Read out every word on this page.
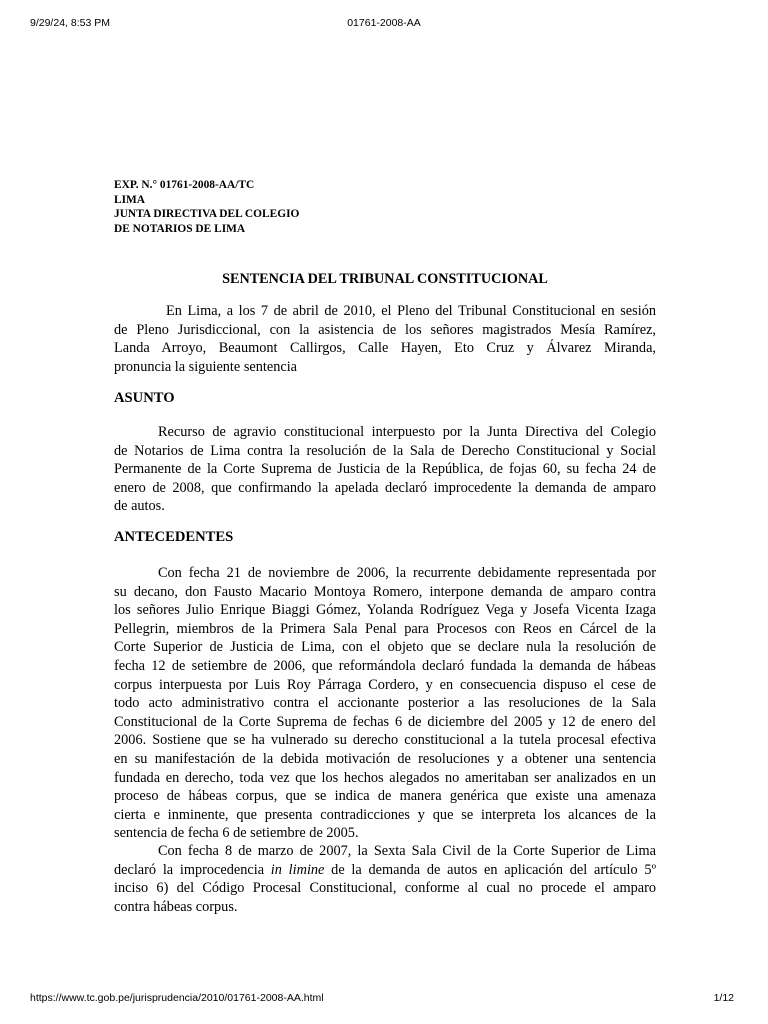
9/29/24, 8:53 PM	01761-2008-AA
EXP. N.° 01761-2008-AA/TC
LIMA
JUNTA DIRECTIVA DEL COLEGIO
DE NOTARIOS DE LIMA
SENTENCIA DEL TRIBUNAL CONSTITUCIONAL
En Lima, a los 7 de abril de 2010, el Pleno del Tribunal Constitucional en sesión
de Pleno Jurisdiccional, con la asistencia de los señores magistrados Mesía Ramírez,
Landa Arroyo, Beaumont Callirgos, Calle Hayen, Eto Cruz y Álvarez Miranda,
pronuncia la siguiente sentencia
ASUNTO
Recurso de agravio constitucional interpuesto por la Junta Directiva del Colegio
de Notarios de Lima contra la resolución de la Sala de Derecho Constitucional y Social
Permanente de la Corte Suprema de Justicia de la República, de fojas 60, su fecha 24 de
enero de 2008, que confirmando la apelada declaró improcedente la demanda de amparo
de autos.
ANTECEDENTES
Con fecha 21 de noviembre de 2006, la recurrente debidamente representada por
su decano, don Fausto Macario Montoya Romero, interpone demanda de amparo contra
los señores Julio Enrique Biaggi Gómez, Yolanda Rodríguez Vega y Josefa Vicenta Izaga
Pellegrin, miembros de la Primera Sala Penal para Procesos con Reos en Cárcel de la
Corte Superior de Justicia de Lima, con el objeto que se declare nula la resolución de
fecha 12 de setiembre de 2006, que reformándola declaró fundada la demanda de hábeas
corpus interpuesta por Luis Roy Párraga Cordero, y en consecuencia dispuso el cese de
todo acto administrativo contra el accionante posterior a las resoluciones de la Sala
Constitucional de la Corte Suprema de fechas 6 de diciembre del 2005 y 12 de enero del
2006. Sostiene que se ha vulnerado su derecho constitucional a la tutela procesal efectiva
en su manifestación de la debida motivación de resoluciones y a obtener una sentencia
fundada en derecho, toda vez que los hechos alegados no ameritaban ser analizados en un
proceso de hábeas corpus, que se indica de manera genérica que existe una amenaza
cierta e inminente, que presenta contradicciones y que se interpreta los alcances de la
sentencia de fecha 6 de setiembre de 2005.
Con fecha 8 de marzo de 2007, la Sexta Sala Civil de la Corte Superior de Lima
declaró la improcedencia in limine de la demanda de autos en aplicación del artículo 5º
inciso 6) del Código Procesal Constitucional, conforme al cual no procede el amparo
contra hábeas corpus.
https://www.tc.gob.pe/jurisprudencia/2010/01761-2008-AA.html	1/12
